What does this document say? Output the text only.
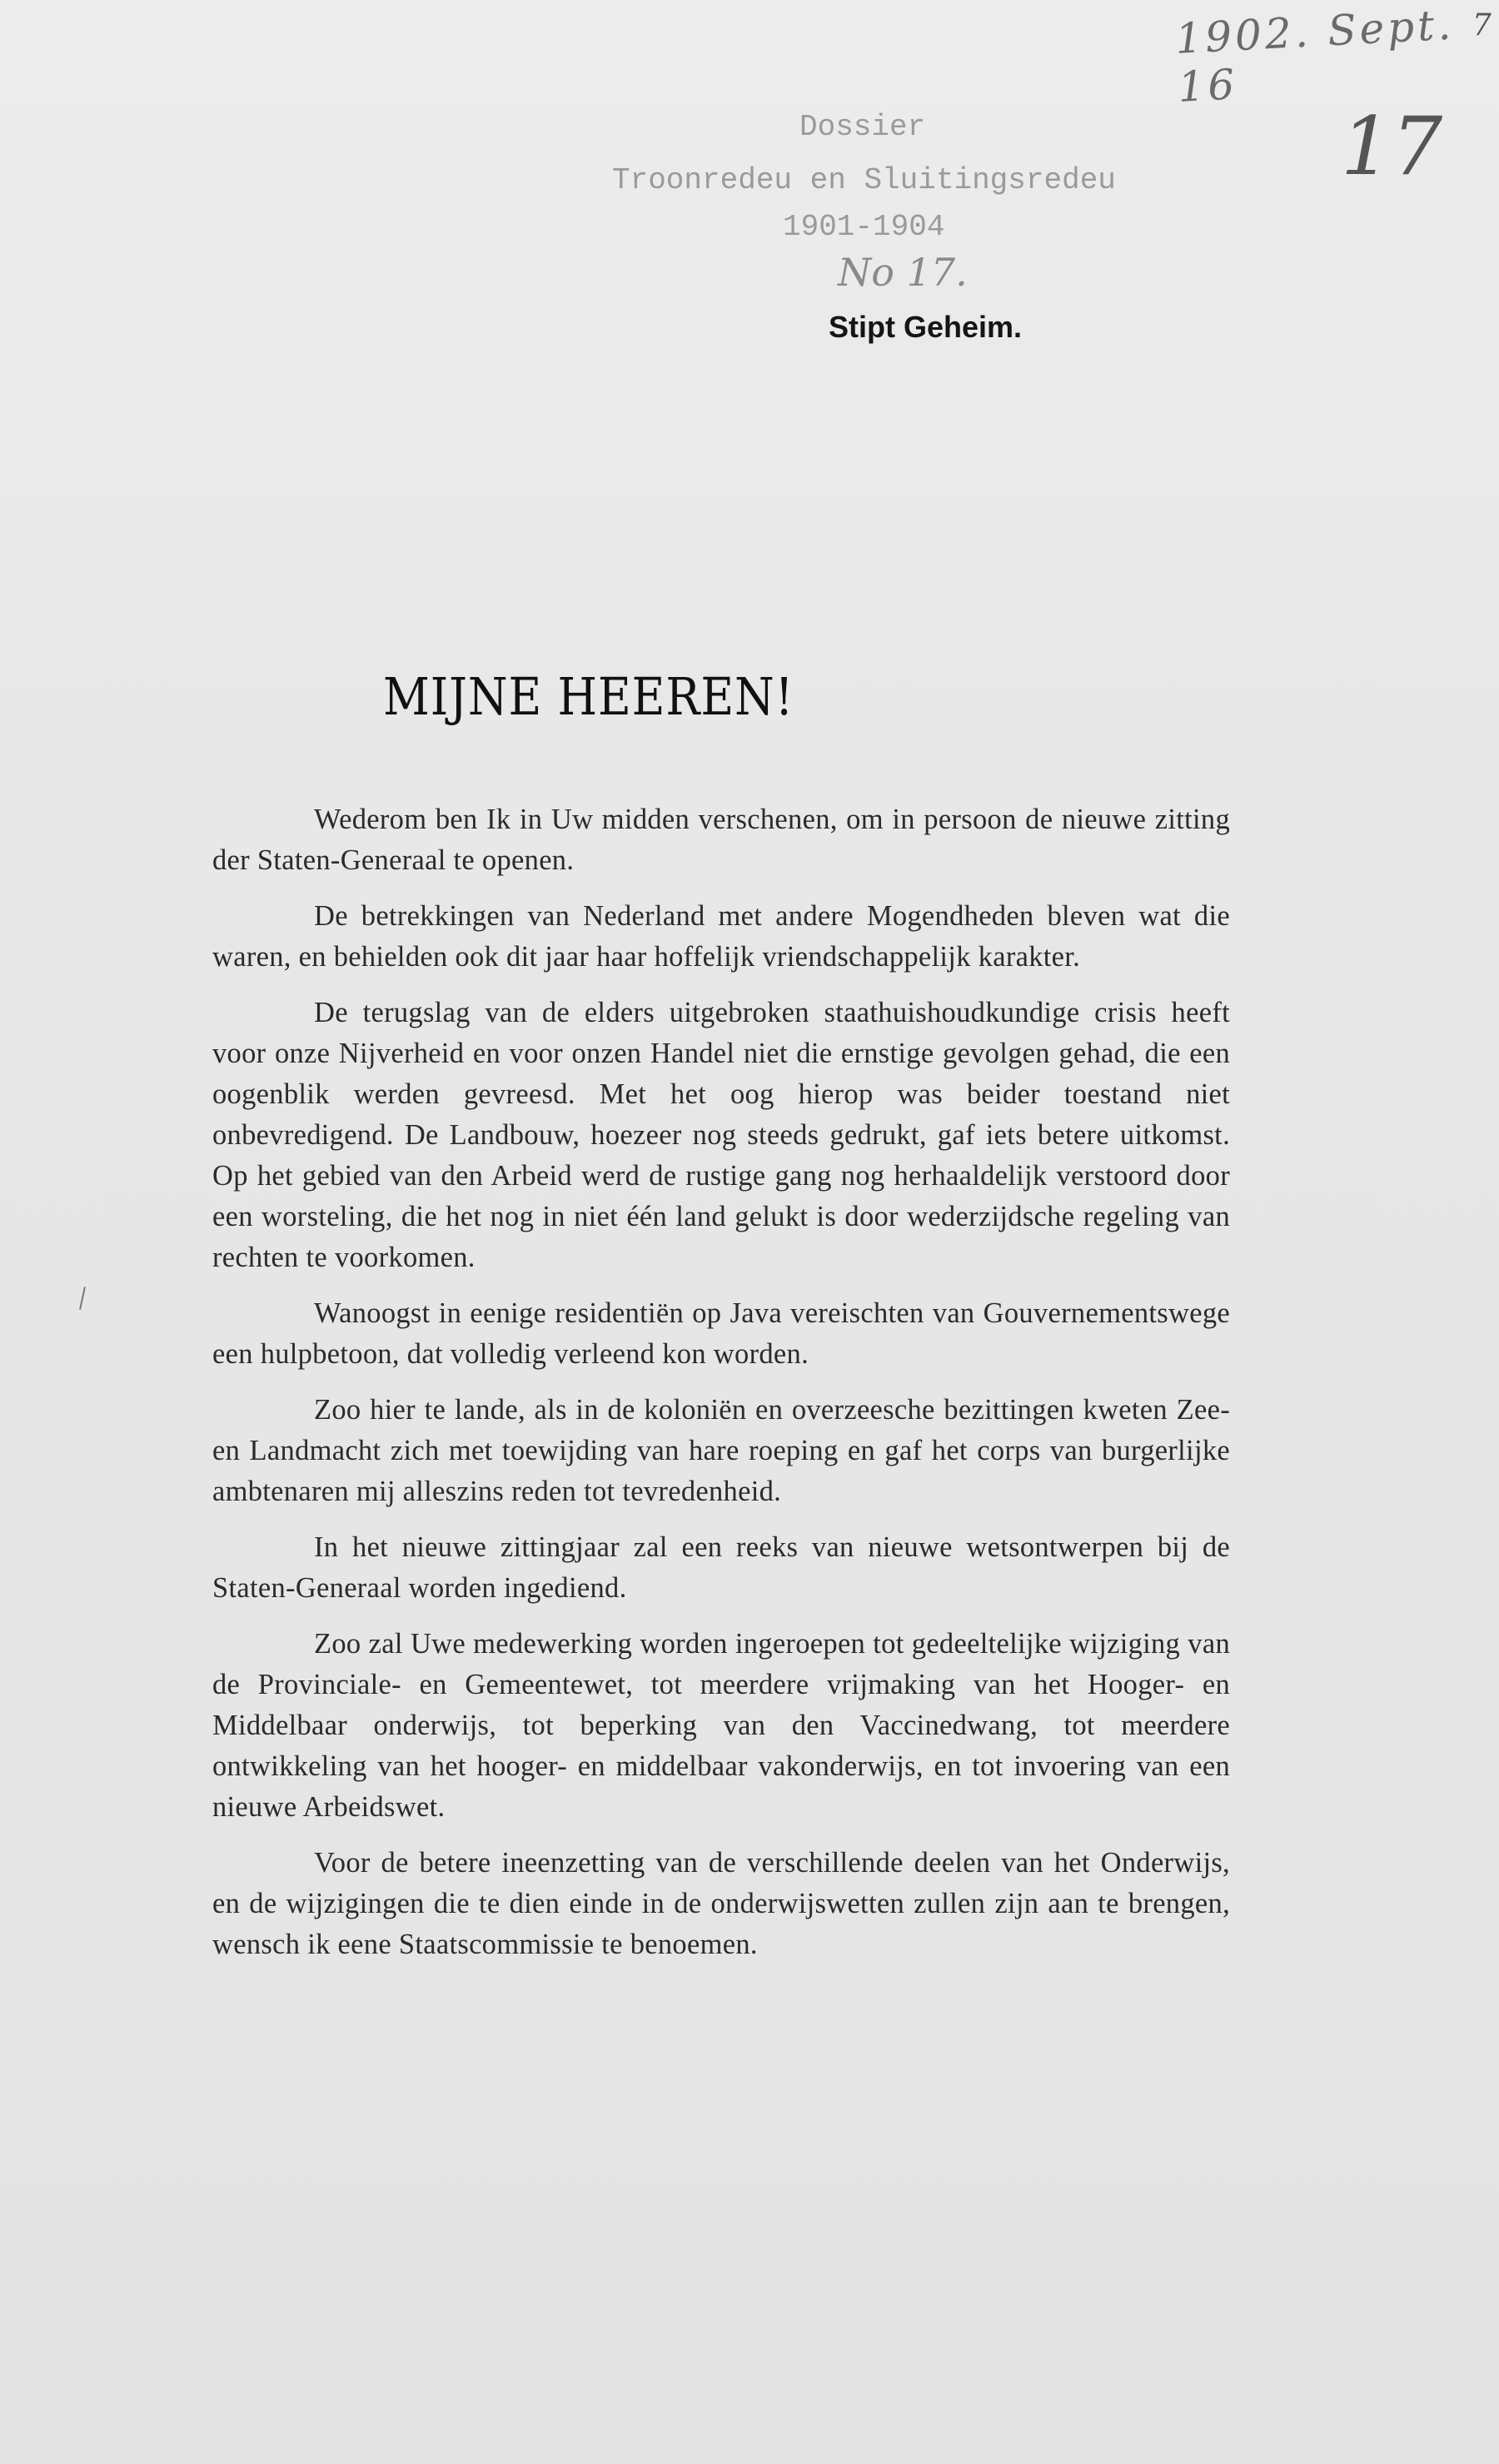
1902. Sept. 16
17
7
Dossier
Troonredeu en Sluitingsredeu
1901-1904
No 17.
Stipt Geheim.
MIJNE HEEREN!

Wederom ben Ik in Uw midden verschenen, om in persoon de nieuwe zitting der Staten-Generaal te openen.

De betrekkingen van Nederland met andere Mogendheden bleven wat die waren, en behielden ook dit jaar haar hoffelijk vriendschappelijk karakter.

De terugslag van de elders uitgebroken staathuishoudkundige crisis heeft voor onze Nijverheid en voor onzen Handel niet die ernstige gevolgen gehad, die een oogenblik werden gevreesd. Met het oog hierop was beider toestand niet onbevredigend. De Landbouw, hoezeer nog steeds gedrukt, gaf iets betere uitkomst. Op het gebied van den Arbeid werd de rustige gang nog herhaaldelijk verstoord door een worsteling, die het nog in niet één land gelukt is door wederzijdsche regeling van rechten te voorkomen.

Wanoogst in eenige residentiën op Java vereischten van Gouvernementswege een hulpbetoon, dat volledig verleend kon worden.

Zoo hier te lande, als in de koloniën en overzeesche bezittingen kweten Zee- en Landmacht zich met toewijding van hare roeping en gaf het corps van burgerlijke ambtenaren mij alleszins reden tot tevredenheid.

In het nieuwe zittingjaar zal een reeks van nieuwe wetsontwerpen bij de Staten-Generaal worden ingediend.

Zoo zal Uwe medewerking worden ingeroepen tot gedeeltelijke wijziging van de Provinciale- en Gemeentewet, tot meerdere vrijmaking van het Hooger- en Middelbaar onderwijs, tot beperking van den Vaccinedwang, tot meerdere ontwikkeling van het hooger- en middelbaar vakonderwijs, en tot invoering van een nieuwe Arbeidswet.

Voor de betere ineenzetting van de verschillende deelen van het Onderwijs, en de wijzigingen die te dien einde in de onderwijswetten zullen zijn aan te brengen, wensch ik eene Staatscommissie te benoemen.
